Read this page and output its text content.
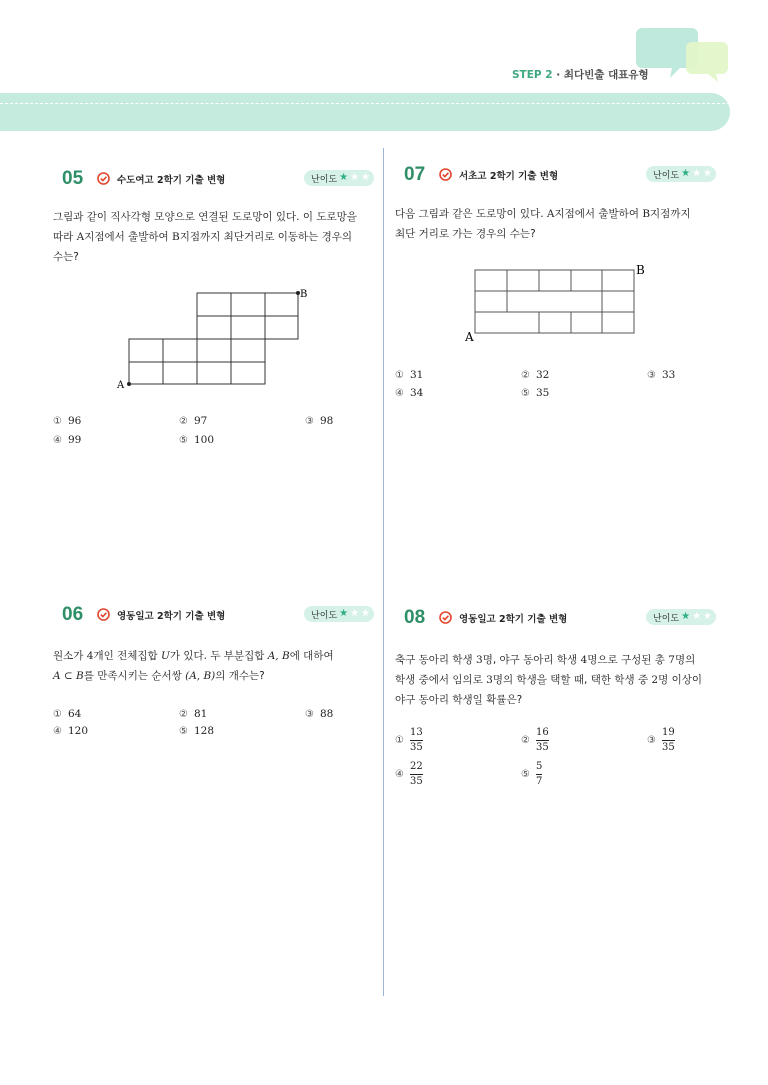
STEP 2 · 최다빈출 대표유형
05	수도여고 2학기 기출 변형	난이도 ★ ★ ★
그림과 같이 직사각형 모양으로 연결된 도로망이 있다. 이 도로망을
따라 A지점에서 출발하여 B지점까지 최단거리로 이동하는 경우의
수는?
A
B
① 96	② 97	③ 98
④ 99	⑤ 100
07	서초고 2학기 기출 변형	난이도 ★ ★ ★
다음 그림과 같은 도로망이 있다. A지점에서 출발하여 B지점까지
최단 거리로 가는 경우의 수는?
A
B
① 31	② 32	③ 33
④ 34	⑤ 35
06	영동일고 2학기 기출 변형	난이도 ★ ★ ★
원소가 4개인 전체집합 U가 있다. 두 부분집합 A, B에 대하여
A ⊂ B를 만족시키는 순서쌍 (A, B)의 개수는?
① 64	② 81	③ 88
④ 120	⑤ 128
08	영동일고 2학기 기출 변형	난이도 ★ ★ ★
축구 동아리 학생 3명, 야구 동아리 학생 4명으로 구성된 총 7명의
학생 중에서 임의로 3명의 학생을 택할 때, 택한 학생 중 2명 이상이
야구 동아리 학생일 확률은?
① $\frac{13}{35}$	② $\frac{16}{35}$	③ $\frac{19}{35}$
④ $\frac{22}{35}$	⑤ $\frac{5}{7}$
